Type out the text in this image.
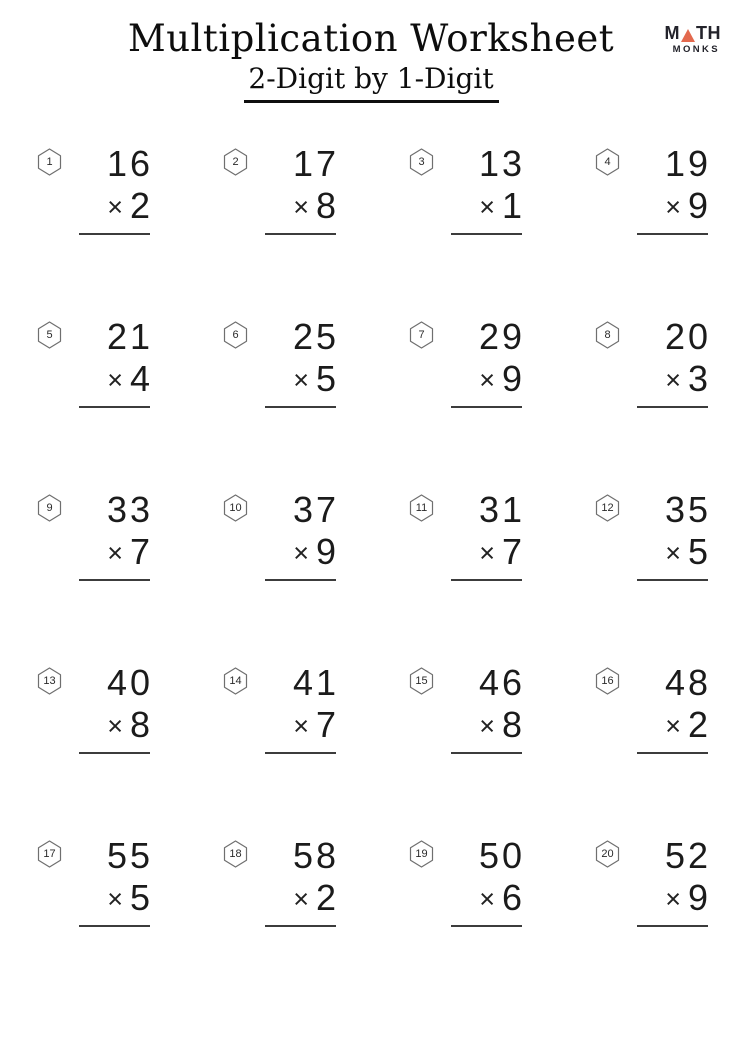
Multiplication Worksheet
2-Digit by 1-Digit
M TH
MONKS
1	16
× 2
2	17
× 8
3	13
× 1
4	19
× 9
5	21
× 4
6	25
× 5
7	29
× 9
8	20
× 3
9	33
× 7
10	37
× 9
11	31
× 7
12	35
× 5
13	40
× 8
14	41
× 7
15	46
× 8
16	48
× 2
17	55
× 5
18	58
× 2
19	50
× 6
20	52
× 9
